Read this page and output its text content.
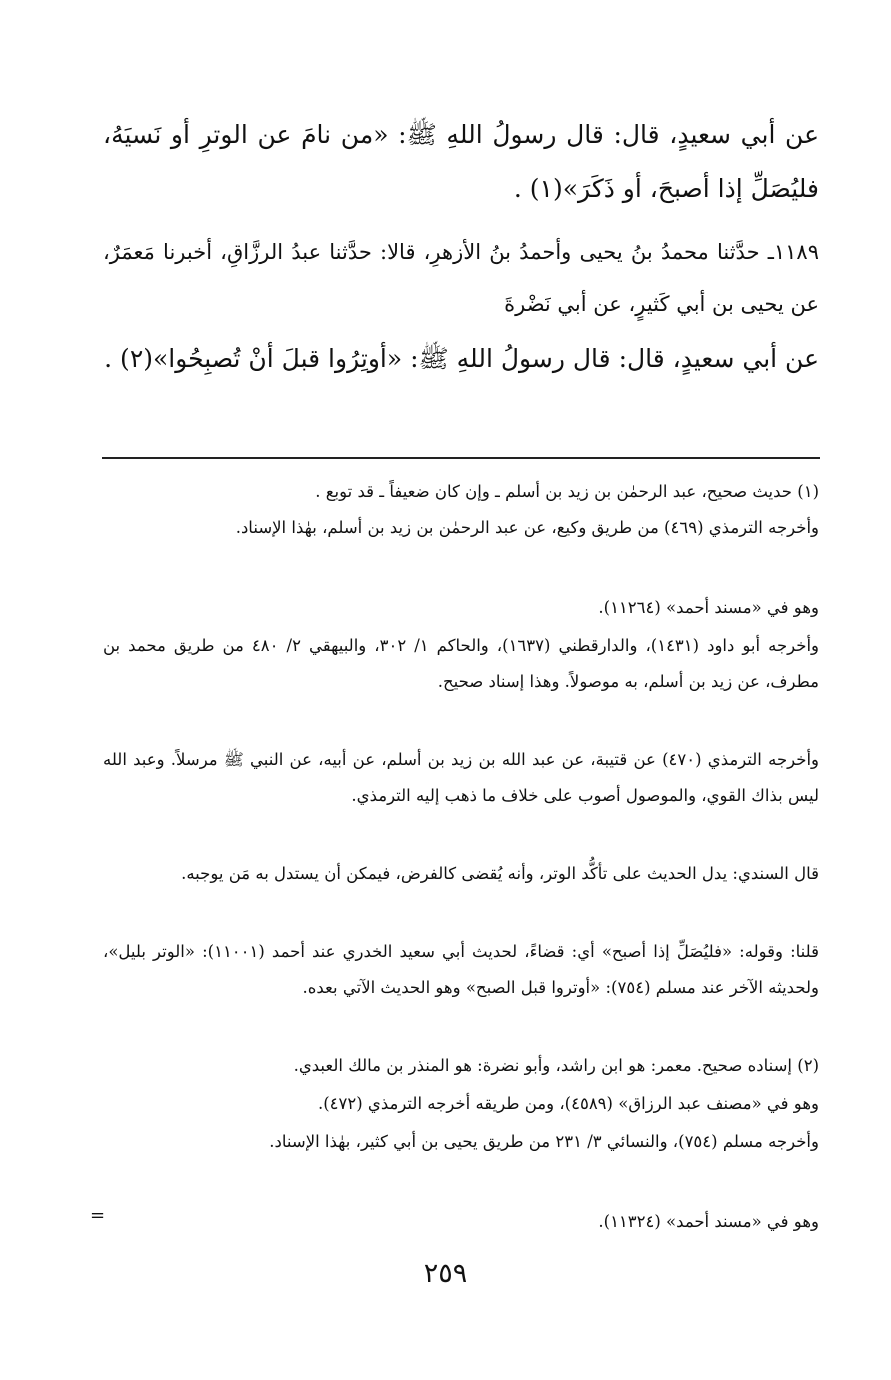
عن أبي سعيدٍ، قال: قال رسولُ اللهِ ﷺ: «من نامَ عن الوترِ أو نَسيَهُ، فليُصَلِّ إذا أصبحَ، أو ذَكَرَ»(١) .

١١٨٩ـ حدَّثنا محمدُ بنُ يحيى وأحمدُ بنُ الأزهرِ، قالا: حدَّثنا عبدُ الرزَّاقِ، أخبرنا مَعمَرٌ، عن يحيى بن أبي كَثيرٍ، عن أبي نَضْرةَ

عن أبي سعيدٍ، قال: قال رسولُ اللهِ ﷺ: «أوتِرُوا قبلَ أنْ تُصبِحُوا»(٢) .

(١) حديث صحيح، عبد الرحمٰن بن زيد بن أسلم ـ وإن كان ضعيفاً ـ قد توبع .

وأخرجه الترمذي (٤٦٩) من طريق وكيع، عن عبد الرحمٰن بن زيد بن أسلم، بهٰذا الإسناد.

وهو في «مسند أحمد» (١١٢٦٤).

وأخرجه أبو داود (١٤٣١)، والدارقطني (١٦٣٧)، والحاكم ١/ ٣٠٢، والبيهقي ٢/ ٤٨٠ من طريق محمد بن مطرف، عن زيد بن أسلم، به موصولاً. وهذا إسناد صحيح.

وأخرجه الترمذي (٤٧٠) عن قتيبة، عن عبد الله بن زيد بن أسلم، عن أبيه، عن النبي ﷺ مرسلاً. وعبد الله ليس بذاك القوي، والموصول أصوب على خلاف ما ذهب إليه الترمذي.

قال السندي: يدل الحديث على تأكُّد الوتر، وأنه يُقضى كالفرض، فيمكن أن يستدل به مَن يوجبه.

قلنا: وقوله: «فليُصَلِّ إذا أصبح» أي: قضاءً، لحديث أبي سعيد الخدري عند أحمد (١١٠٠١): «الوتر بليل»، ولحديثه الآخر عند مسلم (٧٥٤): «أوتروا قبل الصبح» وهو الحديث الآتي بعده.

(٢) إسناده صحيح. معمر: هو ابن راشد، وأبو نضرة: هو المنذر بن مالك العبدي.

وهو في «مصنف عبد الرزاق» (٤٥٨٩)، ومن طريقه أخرجه الترمذي (٤٧٢).

وأخرجه مسلم (٧٥٤)، والنسائي ٣/ ٢٣١ من طريق يحيى بن أبي كثير، بهٰذا الإسناد.

وهو في «مسند أحمد» (١١٣٢٤).

=
٢٥٩
